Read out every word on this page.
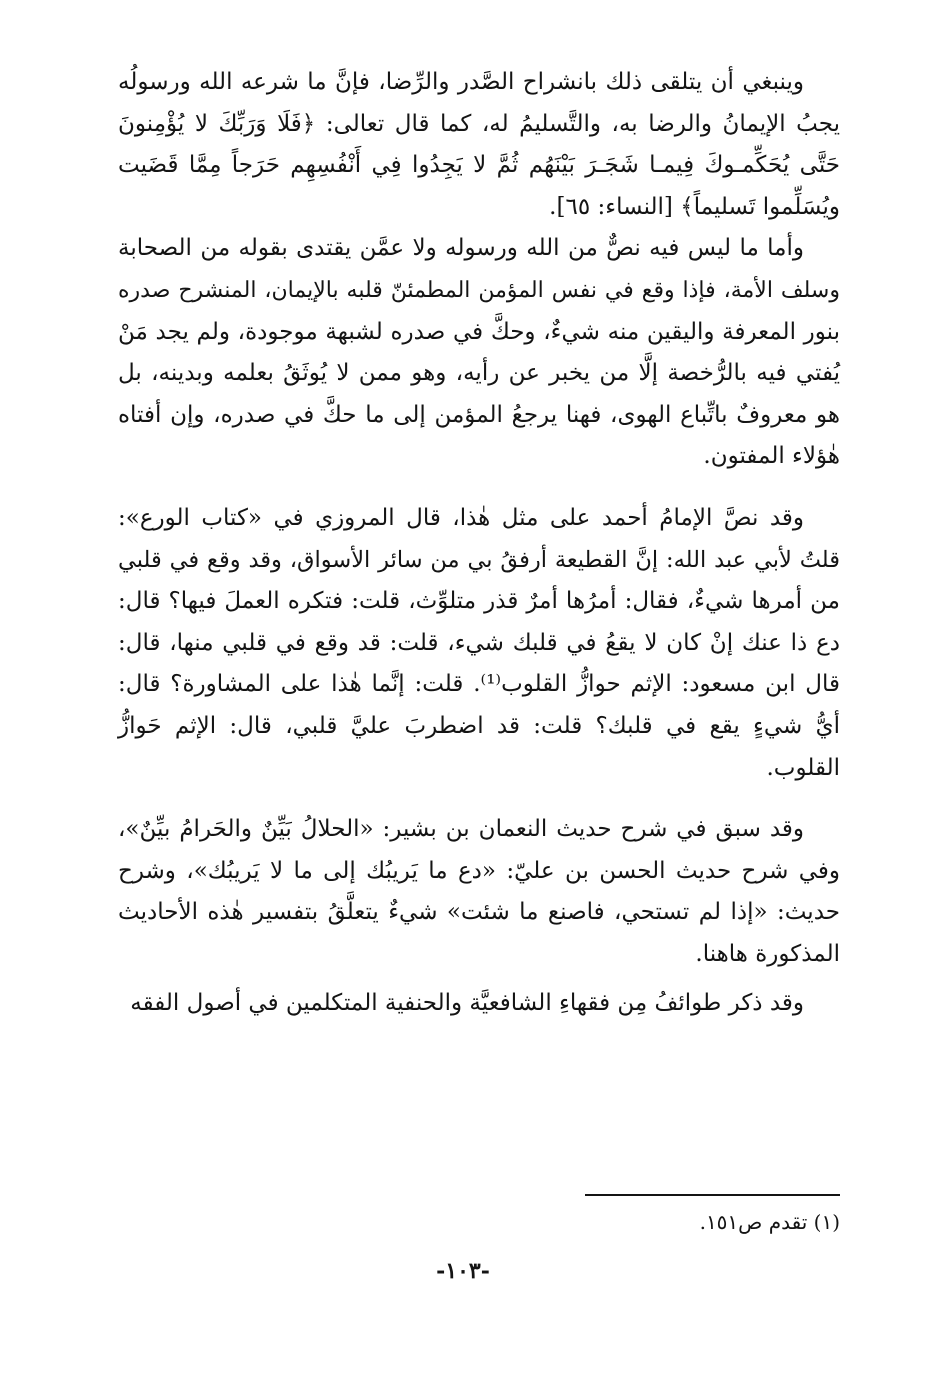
وينبغي أن يتلقى ذلك بانشراح الصَّدر والرِّضا، فإنَّ ما شرعه الله ورسولُه
يجبُ الإيمانُ والرضا به، والتَّسليمُ له، كما قال تعالى: ﴿فَلَا وَرَبِّكَ لا يُؤْمِنونَ
حَتَّى يُحَكِّمـوكَ فِيمـا شَجَـرَ بَيْنَهُم ثُمَّ لا يَجِدُوا فِي أَنْفُسِهِم حَرَجاً مِمَّا قَضَيت
ويُسَلِّموا تَسليماً﴾ [النساء: ٦٥].

وأما ما ليس فيه نصٌّ من الله ورسوله ولا عمَّن يقتدى بقوله من الصحابة
وسلف الأمة، فإذا وقع في نفس المؤمن المطمئنّ قلبه بالإيمان، المنشرح صدره
بنور المعرفة واليقين منه شيءٌ، وحكَّ في صدره لشبهة موجودة، ولم يجد مَنْ
يُفتي فيه بالرُّخصة إلَّا من يخبر عن رأيه، وهو ممن لا يُوثَقُ بعلمه وبدينه، بل
هو معروفٌ باتِّباع الهوى، فهنا يرجعُ المؤمن إلى ما حكَّ في صدره، وإن أفتاه
هٰؤلاء المفتون.

وقد نصَّ الإمامُ أحمد على مثل هٰذا، قال المروزي في «كتاب الورع»:
قلتُ لأبي عبد الله: إنَّ القطيعة أرفقُ بي من سائر الأسواق، وقد وقع في قلبي
من أمرها شيءٌ، فقال: أمرُها أمرٌ قذر متلوِّث، قلت: فتكره العملَ فيها؟ قال:
دع ذا عنك إنْ كان لا يقعُ في قلبك شيء، قلت: قد وقع في قلبي منها، قال:
قال ابن مسعود: الإثم حوازُّ القلوب⁽¹⁾. قلت: إنَّما هٰذا على المشاورة؟ قال:
أيُّ شيءٍ يقع في قلبك؟ قلت: قد اضطربَ عليَّ قلبي، قال: الإثم حَوازُّ
القلوب.

وقد سبق في شرح حديث النعمان بن بشير: «الحلالُ بَيِّنٌ والحَرامُ بيِّنٌ»،
وفي شرح حديث الحسن بن عليّ: «دع ما يَريبُك إلى ما لا يَريبُك»، وشرح
حديث: «إذا لم تستحي، فاصنع ما شئت» شيءٌ يتعلَّقُ بتفسير هٰذه الأحاديث
المذكورة هاهنا.

وقد ذكر طوائفُ مِن فقهاءِ الشافعيَّة والحنفية المتكلمين في أصول الفقه

(١) تقدم ص١٥١.
-١٠٣-
